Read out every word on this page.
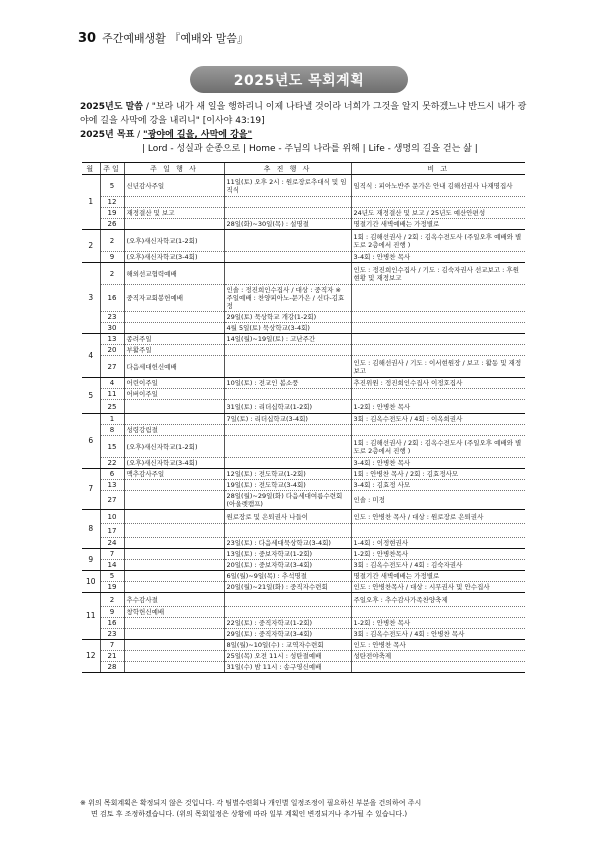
30 주간예배생활 『예배와 말씀』
2025년도 목회계획
2025년도 말씀 / "보라 내가 새 일을 행하리니 이제 나타낼 것이라 너희가 그것을 알지 못하겠느냐 반드시 내가 광야에 길을 사막에 강을 내리니" [이사야 43:19]
2025년 목표 / "광야에 길을, 사막에 강을"
| Lord - 성실과 순종으로 | Home - 주님의 나라를 위해 | Life - 생명의 길을 걷는 삶 |
월	주일	주 일 행 사	추 진 행 사	비 고
1	5	신년감사주일	11일(토) 오후 2시 : 원로장로추대식 및 임직식	임직식 : 피아노반주 문가은 안내 김해선권사 나재명집사
	12			
	19	재정결산 및 보고		24년도 재정결산 및 보고 / 25년도 예산안편성
	26		28일(화)~30일(목) : 설명절	명절기간 새벽예배는 가정별로
2	2	(오후)새신자학교(1-2회)		1회 : 김해선권사 / 2회 : 김옥수전도사 (주일오후 예배와 별도로 2층에서 진행 )
	9	(오후)새신자학교(3-4회)		3-4회 : 안병찬 목사
3	2	해외선교협력예배		인도 : 정진희인수집사 / 기도 : 김숙자권사 선교보고 : 후원현황 및 재정보고
	16	중직자교회봉헌예배	인솔 : 정진희인수집사 / 대상 : 중직자 ※ 주일예배 : 찬양피아노-문가은 / 신다-김효정	
	23		29일(토) 묵상학교 개강(1-2회)	
	30		4월 5일(토) 묵상학교(3-4회)	
4	13	종려주일	14일(월)~19일(토) : 고난주간	
	20	부활주일		
	27	다음세대헌신예배		인도 : 김해선권사 / 기도 : 이서현원장 / 보고 : 활동 및 재정보고
5	4	어린이주일	10일(토) : 전교인 봄소풍	추진위원 : 정진희인수집사 이정호집사
	11	어버이주일		
	25		31일(토) : 리더십학교(1-2회)	1-2회 : 안병찬 목사
6	1		7일(토) : 리더십학교(3-4회)	3회 : 김옥수전도사 / 4회 : 이옥희권사
	8	성령강림절		
	15	(오후)새신자학교(1-2회)		1회 : 김해선권사 / 2회 : 김옥수전도사 (주일오후 예배와 별도로 2층에서 진행 )
	22	(오후)새신자학교(3-4회)		3-4회 : 안병찬 목사
7	6	맥추감사주일	12일(토) : 전도학교(1-2회)	1회 : 안병찬 목사 / 2회 : 김효정사모
	13		19일(토) : 전도학교(3-4회)	3-4회 : 김효정 사모
	27		28일(월)~29일(화) 다음세대여름수련회(아울렛캠프)	인솔 : 미정
8	10		원로장로 및 은퇴권사 나들이	인도 : 안병찬 목사 / 대상 : 원로장로 은퇴권사
	17			
	24		23일(토) : 다음세대묵상학교(3-4회)	1-4회 : 이정현권사
9	7		13일(토) : 중보자학교(1-2회)	1-2회 : 안병찬목사
	14		20일(토) : 중보자학교(3-4회)	3회 : 김옥수전도사 / 4회 : 김숙자권사
10	5		6일(월)~9일(목) : 추석명절	명절기간 새벽예배는 가정별로
	19		20일(월)~21일(화) : 중직자수련회	인도 : 안병찬목사 / 대상 : 시무권사 및 안수집사
11	2	추수감사절		주일오후 : 추수감사가족찬양축제
	9	창학헌신예배		
	16		22일(토) : 중직자학교(1-2회)	1-2회 : 안병찬 목사
	23		29일(토) : 중직자학교(3-4회)	3회 : 김옥수전도사 / 4회 : 안병찬 목사
12	7		8일(월)~10일(수) : 교역자수련회	인도 : 안병찬 목사
	21		25일(목) 오전 11시 : 성탄절예배	성탄전야축제
	28		31일(수) 밤 11시 : 송구영신예배	
※ 위의 목회계획은 확정되지 않은 것입니다. 각 팀별수련회나 개인별 일정조정이 필요하신 부분을 건의하여 주시
면 검토 후 조정하겠습니다. (위의 목회일정은 상황에 따라 일부 계획인 변경되거나 추가될 수 있습니다.)
